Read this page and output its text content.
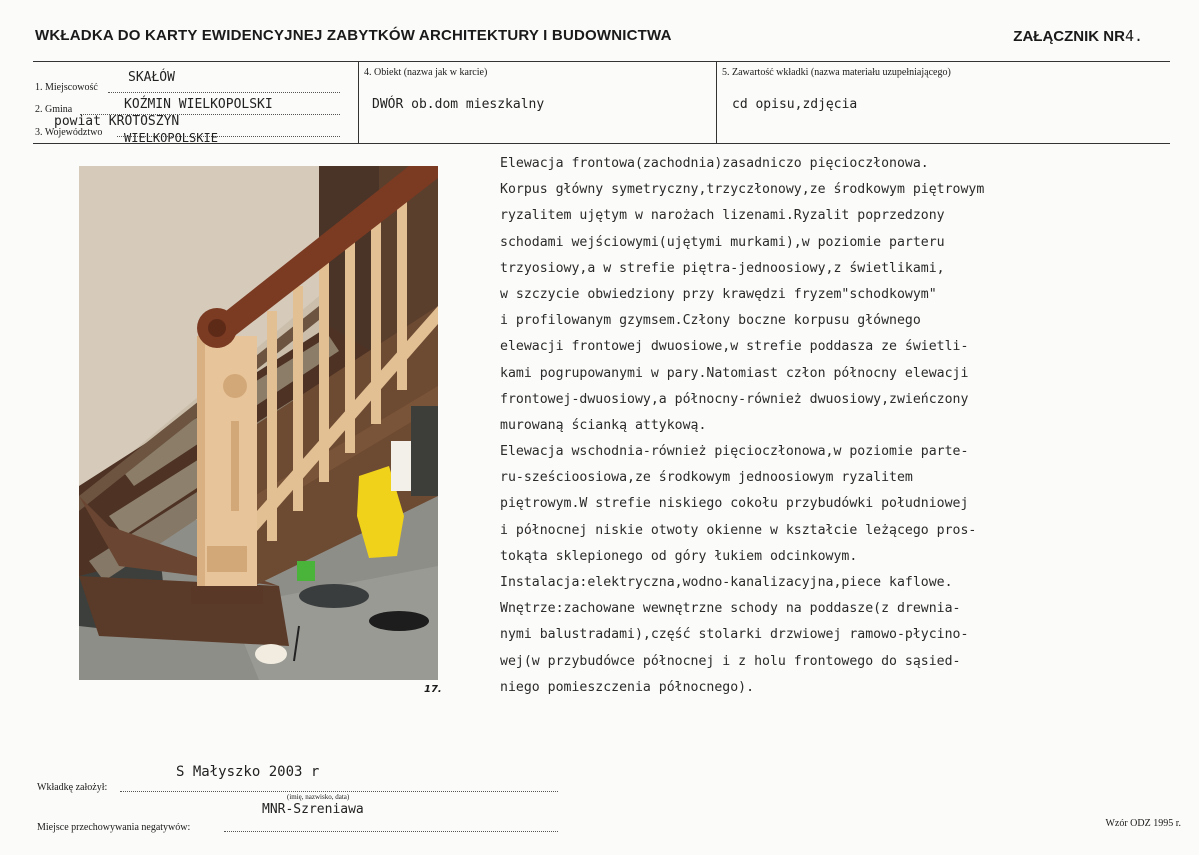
WKŁADKA DO KARTY EWIDENCYJNEJ ZABYTKÓW ARCHITEKTURY I BUDOWNICTWA	ZAŁĄCZNIK NR4.
1. Miejscowość
SKAŁÓW
2. Gmina	KOŹMIN WIELKOPOLSKI
powiat KROTOSZYN
3. Województwo WIELKOPOLSKIE
4. Obiekt (nazwa jak w karcie)
DWÓR ob.dom mieszkalny
5. Zawartość wkładki (nazwa materiału uzupełniającego)
cd opisu,zdjęcia
17.
Elewacja frontowa(zachodnia)zasadniczo pięcioczłonowa.
Korpus główny symetryczny,trzyczłonowy,ze środkowym piętrowym
ryzalitem ujętym w narożach lizenami.Ryzalit poprzedzony
schodami wejściowymi(ujętymi murkami),w poziomie parteru
trzyosiowy,a w strefie piętra-jednoosiowy,z świetlikami,
w szczycie obwiedziony przy krawędzi fryzem"schodkowym"
i profilowanym gzymsem.Człony boczne korpusu głównego
elewacji frontowej dwuosiowe,w strefie poddasza ze świetli-
kami pogrupowanymi w pary.Natomiast człon północny elewacji
frontowej-dwuosiowy,a północny-również dwuosiowy,zwieńczony
murowaną ścianką attykową.
Elewacja wschodnia-również pięcioczłonowa,w poziomie parte-
ru-sześcioosiowa,ze środkowym jednoosiowym ryzalitem
piętrowym.W strefie niskiego cokołu przybudówki południowej
i północnej niskie otwoty okienne w kształcie leżącego pros-
tokąta sklepionego od góry łukiem odcinkowym.
Instalacja:elektryczna,wodno-kanalizacyjna,piece kaflowe.
Wnętrze:zachowane wewnętrzne schody na poddasze(z drewnia-
nymi balustradami),część stolarki drzwiowej ramowo-płycino-
wej(w przybudówce północnej i z holu frontowego do sąsied-
niego pomieszczenia północnego).
S Małyszko 2003 r
Wkładkę założył:
(imię, nazwisko, data)
MNR-Szreniawa
Miejsce przechowywania negatywów:	Wzór ODZ 1995 r.
